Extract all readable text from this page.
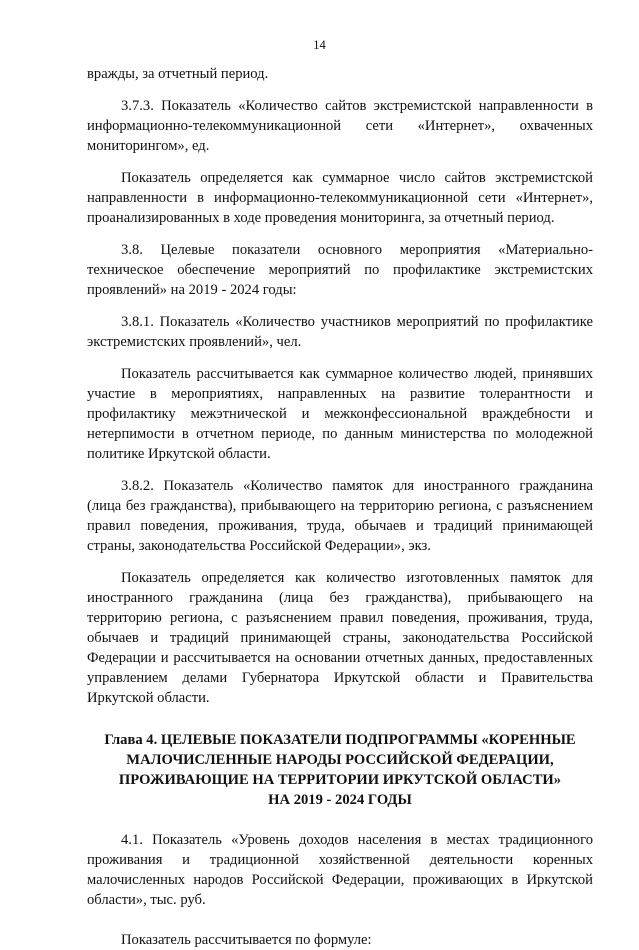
14

вражды, за отчетный период.

3.7.3. Показатель «Количество сайтов экстремистской направленности в информационно-телекоммуникационной сети «Интернет», охваченных мониторингом», ед.

Показатель определяется как суммарное число сайтов экстремистской направленности в информационно-телекоммуникационной сети «Интернет», проанализированных в ходе проведения мониторинга, за отчетный период.

3.8. Целевые показатели основного мероприятия «Материально-техническое обеспечение мероприятий по профилактике экстремистских проявлений» на 2019 - 2024 годы:

3.8.1. Показатель «Количество участников мероприятий по профилактике экстремистских проявлений», чел.

Показатель рассчитывается как суммарное количество людей, принявших участие в мероприятиях, направленных на развитие толерантности и профилактику межэтнической и межконфессиональной враждебности и нетерпимости в отчетном периоде, по данным министерства по молодежной политике Иркутской области.

3.8.2. Показатель «Количество памяток для иностранного гражданина (лица без гражданства), прибывающего на территорию региона, с разъяснением правил поведения, проживания, труда, обычаев и традиций принимающей страны, законодательства Российской Федерации», экз.

Показатель определяется как количество изготовленных памяток для иностранного гражданина (лица без гражданства), прибывающего на территорию региона, с разъяснением правил поведения, проживания, труда, обычаев и традиций принимающей страны, законодательства Российской Федерации и рассчитывается на основании отчетных данных, предоставленных управлением делами Губернатора Иркутской области и Правительства Иркутской области.

Глава 4. ЦЕЛЕВЫЕ ПОКАЗАТЕЛИ ПОДПРОГРАММЫ «КОРЕННЫЕ
МАЛОЧИСЛЕННЫЕ НАРОДЫ РОССИЙСКОЙ ФЕДЕРАЦИИ,
ПРОЖИВАЮЩИЕ НА ТЕРРИТОРИИ ИРКУТСКОЙ ОБЛАСТИ»
НА 2019 - 2024 ГОДЫ

4.1. Показатель «Уровень доходов населения в местах традиционного проживания и традиционной хозяйственной деятельности коренных малочисленных народов Российской Федерации, проживающих в Иркутской области», тыс. руб.

Показатель рассчитывается по формуле:
